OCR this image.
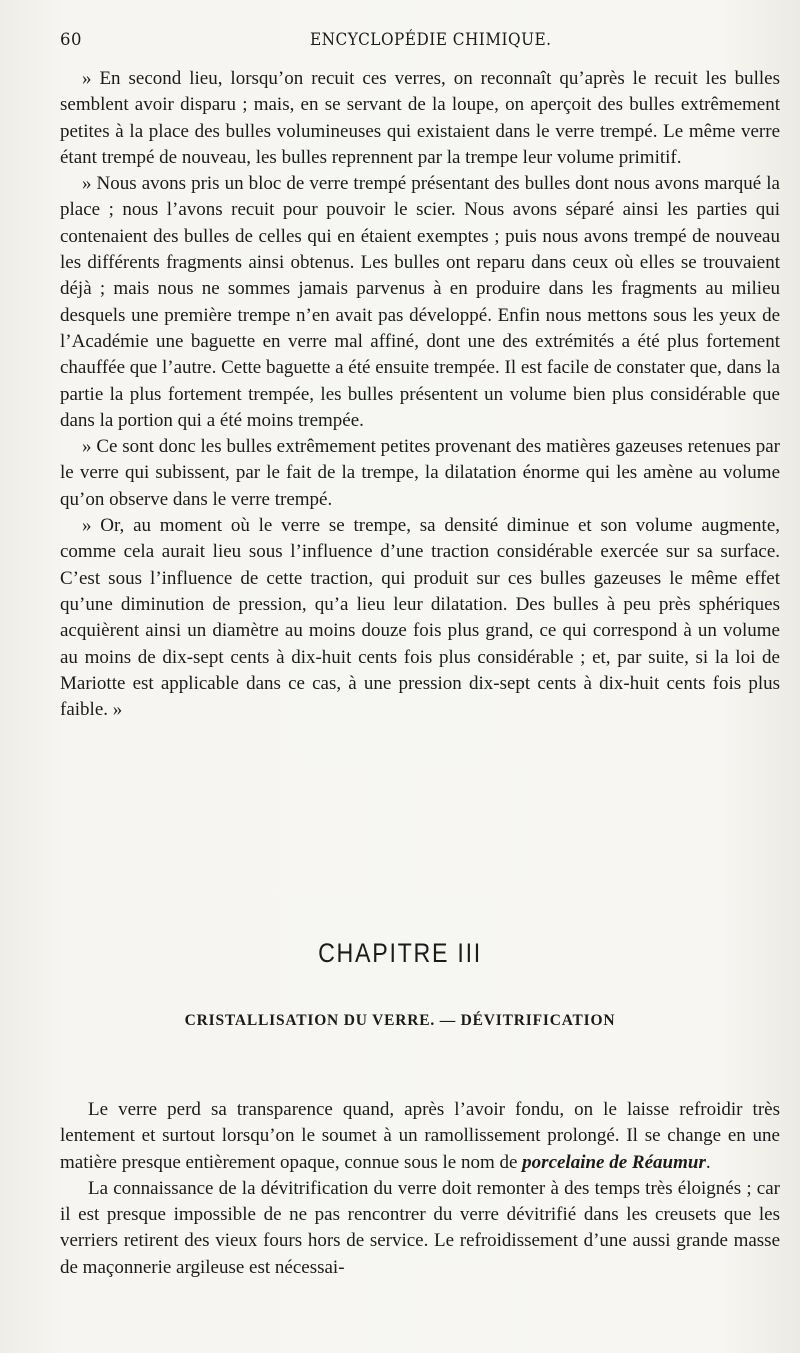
60	ENCYCLOPÉDIE CHIMIQUE.

» En second lieu, lorsqu’on recuit ces verres, on reconnaît qu’après le recuit les bulles semblent avoir disparu ; mais, en se servant de la loupe, on aperçoit des bulles extrêmement petites à la place des bulles volumineuses qui existaient dans le verre trempé. Le même verre étant trempé de nouveau, les bulles reprennent par la trempe leur volume primitif.

» Nous avons pris un bloc de verre trempé présentant des bulles dont nous avons marqué la place ; nous l’avons recuit pour pouvoir le scier. Nous avons séparé ainsi les parties qui contenaient des bulles de celles qui en étaient exemptes ; puis nous avons trempé de nouveau les différents fragments ainsi obtenus. Les bulles ont reparu dans ceux où elles se trouvaient déjà ; mais nous ne sommes jamais parvenus à en produire dans les fragments au milieu desquels une première trempe n’en avait pas développé. Enfin nous mettons sous les yeux de l’Académie une baguette en verre mal affiné, dont une des extrémités a été plus fortement chauffée que l’autre. Cette baguette a été ensuite trempée. Il est facile de constater que, dans la partie la plus fortement trempée, les bulles présentent un volume bien plus considérable que dans la portion qui a été moins trempée.

» Ce sont donc les bulles extrêmement petites provenant des matières gazeuses retenues par le verre qui subissent, par le fait de la trempe, la dilatation énorme qui les amène au volume qu’on observe dans le verre trempé.

» Or, au moment où le verre se trempe, sa densité diminue et son volume augmente, comme cela aurait lieu sous l’influence d’une traction considérable exercée sur sa surface. C’est sous l’influence de cette traction, qui produit sur ces bulles gazeuses le même effet qu’une diminution de pression, qu’a lieu leur dilatation. Des bulles à peu près sphériques acquièrent ainsi un diamètre au moins douze fois plus grand, ce qui correspond à un volume au moins de dix-sept cents à dix-huit cents fois plus considérable ; et, par suite, si la loi de Mariotte est applicable dans ce cas, à une pression dix-sept cents à dix-huit cents fois plus faible. »

CHAPITRE III
CRISTALLISATION DU VERRE. — DÉVITRIFICATION

Le verre perd sa transparence quand, après l’avoir fondu, on le laisse refroidir très lentement et surtout lorsqu’on le soumet à un ramollissement prolongé. Il se change en une matière presque entièrement opaque, connue sous le nom de porcelaine de Réaumur.

La connaissance de la dévitrification du verre doit remonter à des temps très éloignés ; car il est presque impossible de ne pas rencontrer du verre dévitrifié dans les creusets que les verriers retirent des vieux fours hors de service. Le refroidissement d’une aussi grande masse de maçonnerie argileuse est nécessai-
